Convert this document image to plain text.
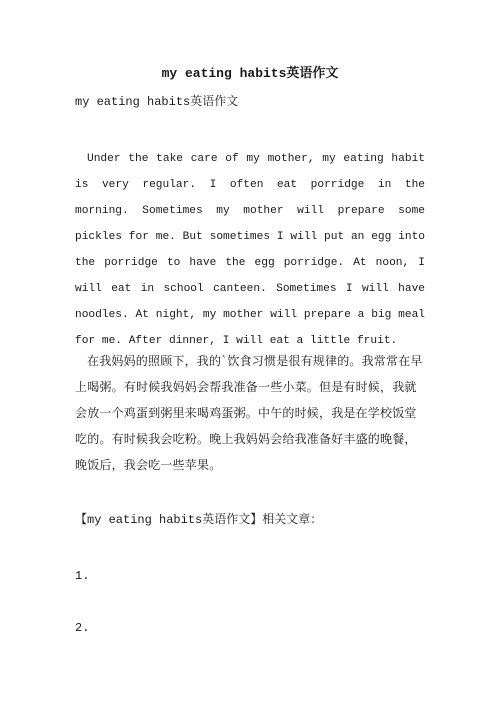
my eating habits英语作文

my eating habits英语作文

Under the take care of my mother, my eating habit is very regular. I often eat porridge in the morning. Sometimes my mother will prepare some pickles for me. But sometimes I will put an egg into the porridge to have the egg porridge. At noon, I will eat in school canteen. Sometimes I will have noodles. At night, my mother will prepare a big meal for me. After dinner, I will eat a little fruit.

在我妈妈的照顾下，我的`饮食习惯是很有规律的。我常常在早上喝粥。有时候我妈妈会帮我准备一些小菜。但是有时候，我就会放一个鸡蛋到粥里来喝鸡蛋粥。中午的时候，我是在学校饭堂吃的。有时候我会吃粉。晚上我妈妈会给我准备好丰盛的晚餐，晚饭后，我会吃一些苹果。

【my eating habits英语作文】相关文章：

1.

2.
